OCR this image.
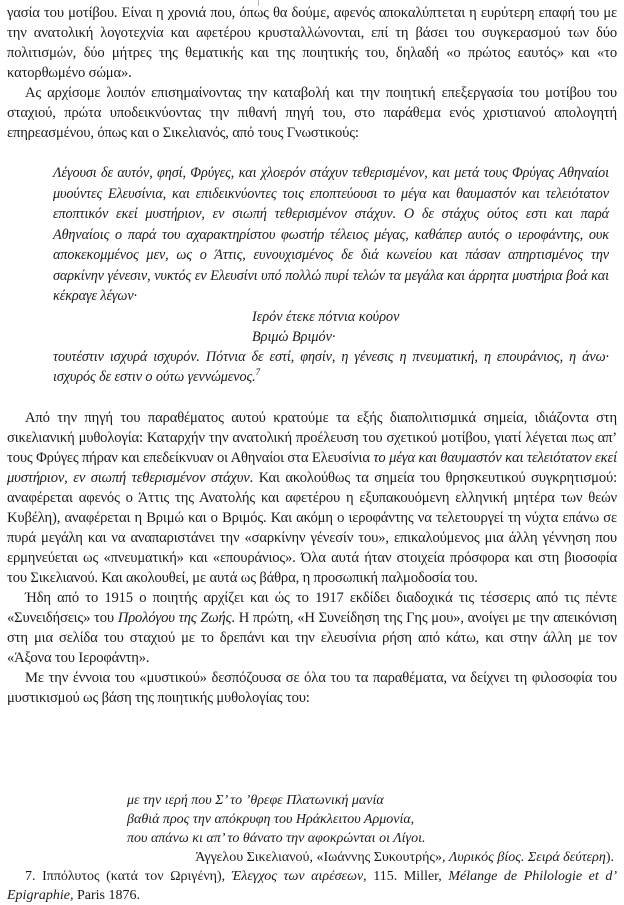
γασία του μοτίβου. Είναι η χρονιά που, όπως θα δούμε, αφενός αποκαλύπτεται η ευρύτερη επαφή του με την ανατολική λογοτεχνία και αφετέρου κρυσταλλώνονται, επί τη βάσει του συγκερασμού των δύο πολιτισμών, δύο μήτρες της θεματικής και της ποιητικής του, δηλαδή «ο πρώτος εαυτός» και «το κατορθωμένο σώμα».

Ας αρχίσομε λοιπόν επισημαίνοντας την καταβολή και την ποιητική επεξεργασία του μοτίβου του σταχιού, πρώτα υποδεικνύοντας την πιθανή πηγή του, στο παράθεμα ενός χριστιανού απολογητή επηρεασμένου, όπως και ο Σικελιανός, από τους Γνωστικούς:

Λέγουσι δε αυτόν, φησί, Φρύγες, και χλοερόν στάχυν τεθερισμένον, και μετά τους Φρύγας Αθηναίοι μυούντες Ελευσίνια, και επιδεικνύοντες τοις εποπτεύουσι το μέγα και θαυμαστόν και τελειότατον εποπτικόν εκεί μυστήριον, εν σιωπή τεθερισμένον στάχυν. Ο δε στάχυς ούτος εστι και παρά Αθηναίοις ο παρά του αχαρακτηρίστου φωστήρ τέλειος μέγας, καθάπερ αυτός ο ιεροφάντης, ουκ αποκεκομμένος μεν, ως ο Άττις, ευνουχισμένος δε διά κωνείου και πάσαν απηρτισμένος την σαρκίνην γένεσιν, νυκτός εν Ελευσίνι υπό πολλώ πυρί τελών τα μεγάλα και άρρητα μυστήρια βοά και κέκραγε λέγων·

Ιερόν έτεκε πότνια κούρον
Βριμώ Βριμόν·

τουτέστιν ισχυρά ισχυρόν. Πότνια δε εστί, φησίν, η γένεσις η πνευματική, η επουράνιος, η άνω· ισχυρός δε εστιν ο ούτω γεννώμενος.$^7$

Από την πηγή του παραθέματος αυτού κρατούμε τα εξής διαπολιτισμικά σημεία, ιδιάζοντα στη σικελιανική μυθολογία: Καταρχήν την ανατολική προέλευση του σχετικού μοτίβου, γιατί λέγεται πως απ’ τους Φρύγες πήραν και επεδείκνυαν οι Αθηναίοι στα Ελευσίνια το μέγα και θαυμαστόν και τελειότατον εκεί μυστήριον, εν σιωπή τεθερισμένον στάχυν. Και ακολούθως τα σημεία του θρησκευτικού συγκρητισμού: αναφέρεται αφενός ο Άττις της Ανατολής και αφετέρου η εξυπακουόμενη ελληνική μητέρα των θεών Κυβέλη), αναφέρεται η Βριμώ και ο Βριμός. Και ακόμη ο ιεροφάντης να τελετουργεί τη νύχτα επάνω σε πυρά μεγάλη και να αναπαριστάνει την «σαρκίνην γένεσίν του», επικαλούμενος μια άλλη γέννηση που ερμηνεύεται ως «πνευματική» και «επουράνιος». Όλα αυτά ήταν στοιχεία πρόσφορα και στη βιοσοφία του Σικελιανού. Και ακολουθεί, με αυτά ως βάθρα, η προσωπική παλμοδοσία του.

Ήδη από το 1915 ο ποιητής αρχίζει και ώς το 1917 εκδίδει διαδοχικά τις τέσσερις από τις πέντε «Συνειδήσεις» του Προλόγου της Ζωής. Η πρώτη, «Η Συνείδηση της Γης μου», ανοίγει με την απεικόνιση στη μια σελίδα του σταχιού με το δρεπάνι και την ελευσίνια ρήση από κάτω, και στην άλλη με τον «Άξονα του Ιεροφάντη».

Με την έννοια του «μυστικού» δεσπόζουσα σε όλα του τα παραθέματα, να δείχνει τη φιλοσοφία του μυστικισμού ως βάση της ποιητικής μυθολογίας του:

με την ιερή που Σ’ το ’θρεφε Πλατωνική μανία
βαθιά προς την απόκρυφη του Ηράκλειτου Αρμονία,
που απάνω κι απ’ το θάνατο την αφοκρώνται οι Λίγοι.
Άγγελου Σικελιανού, «Ιωάννης Συκουτρής», Λυρικός βίος. Σειρά δεύτερη).

7. Ιππόλυτος (κατά τον Ωριγένη), Έλεγχος των αιρέσεων, 115. Miller, Mélange de Philologie et d’ Epigraphie, Paris 1876.
